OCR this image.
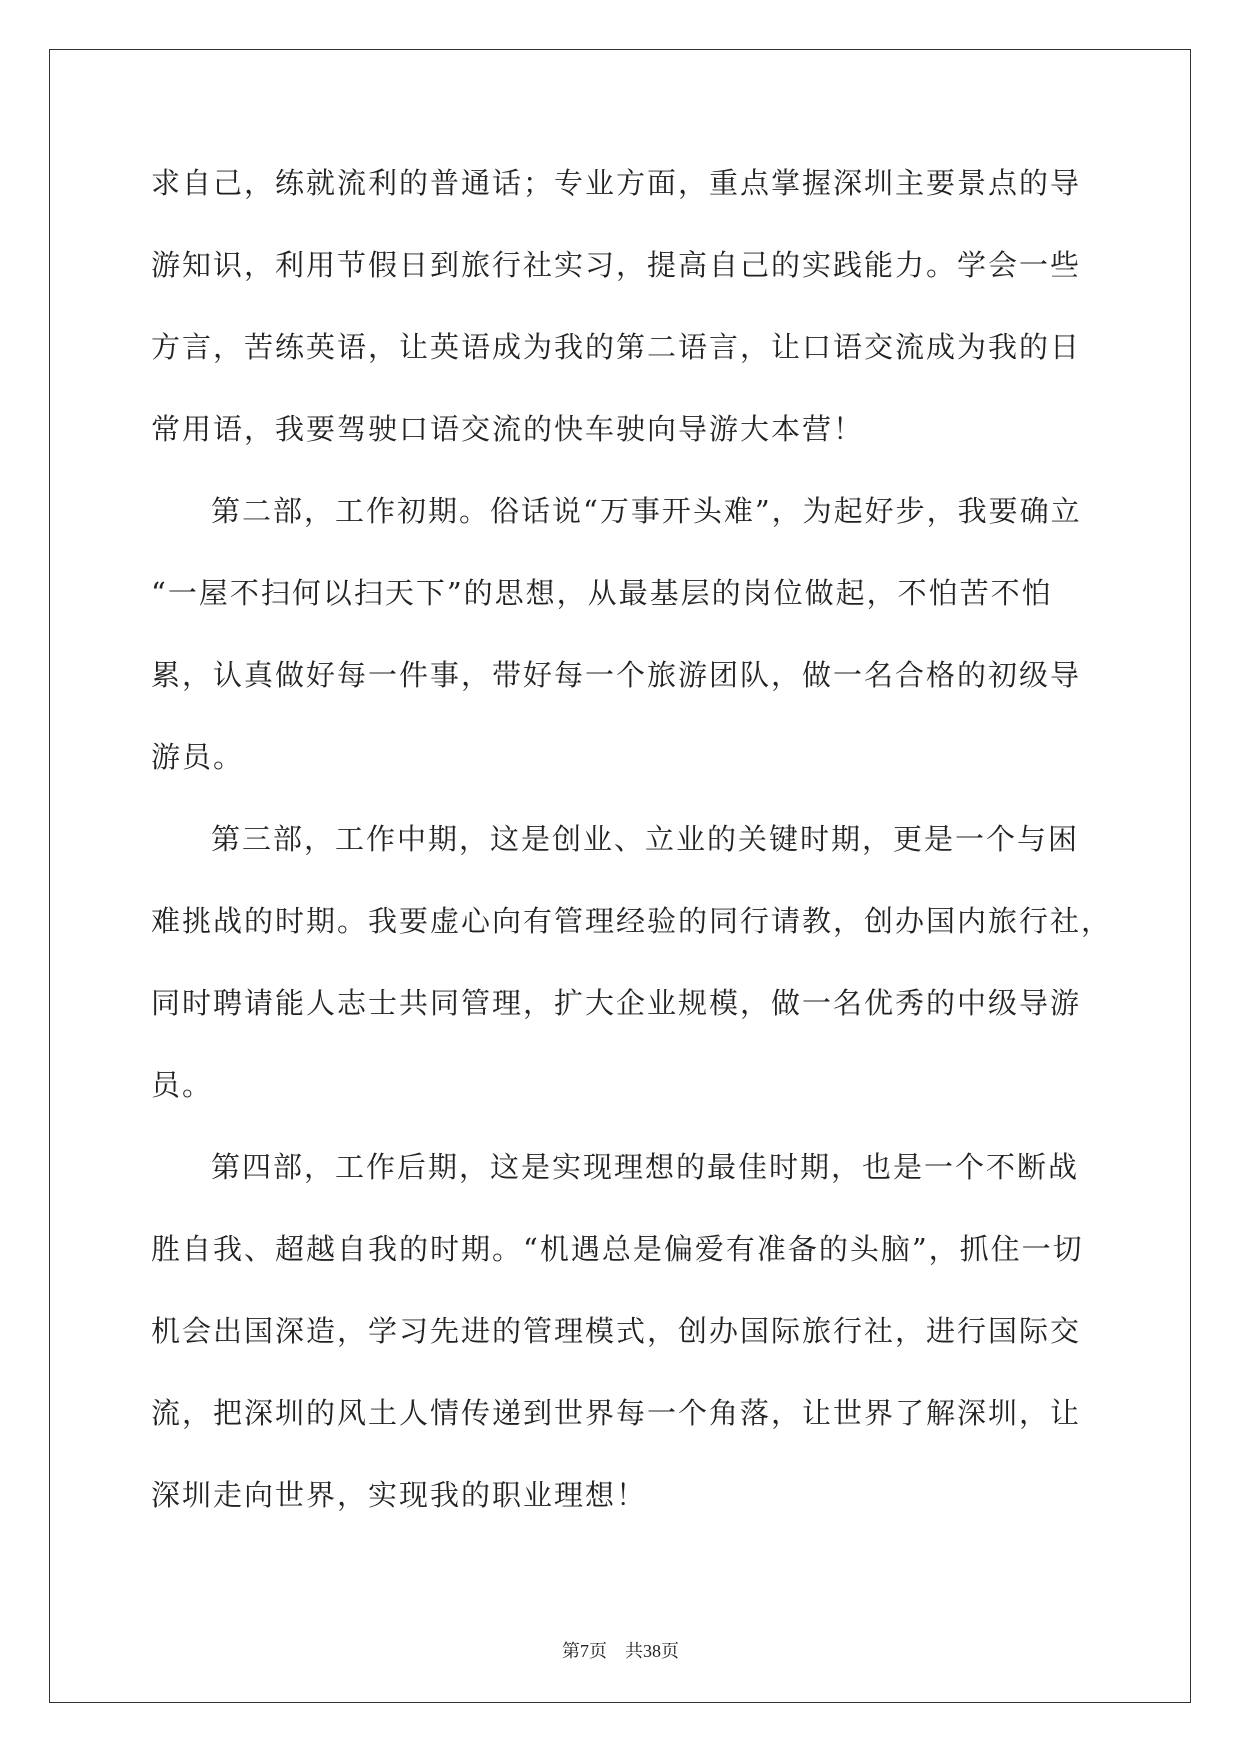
求自己，练就流利的普通话；专业方面，重点掌握深圳主要景点的导
游知识，利用节假日到旅行社实习，提高自己的实践能力。学会一些
方言，苦练英语，让英语成为我的第二语言，让口语交流成为我的日
常用语，我要驾驶口语交流的快车驶向导游大本营！
第二部，工作初期。俗话说“万事开头难”，为起好步，我要确立
“一屋不扫何以扫天下”的思想，从最基层的岗位做起，不怕苦不怕
累，认真做好每一件事，带好每一个旅游团队，做一名合格的初级导
游员。
第三部，工作中期，这是创业、立业的关键时期，更是一个与困
难挑战的时期。我要虚心向有管理经验的同行请教，创办国内旅行社，
同时聘请能人志士共同管理，扩大企业规模，做一名优秀的中级导游
员。
第四部，工作后期，这是实现理想的最佳时期，也是一个不断战
胜自我、超越自我的时期。“机遇总是偏爱有准备的头脑”，抓住一切
机会出国深造，学习先进的管理模式，创办国际旅行社，进行国际交
流，把深圳的风土人情传递到世界每一个角落，让世界了解深圳，让
深圳走向世界，实现我的职业理想！
第7页 共38页
